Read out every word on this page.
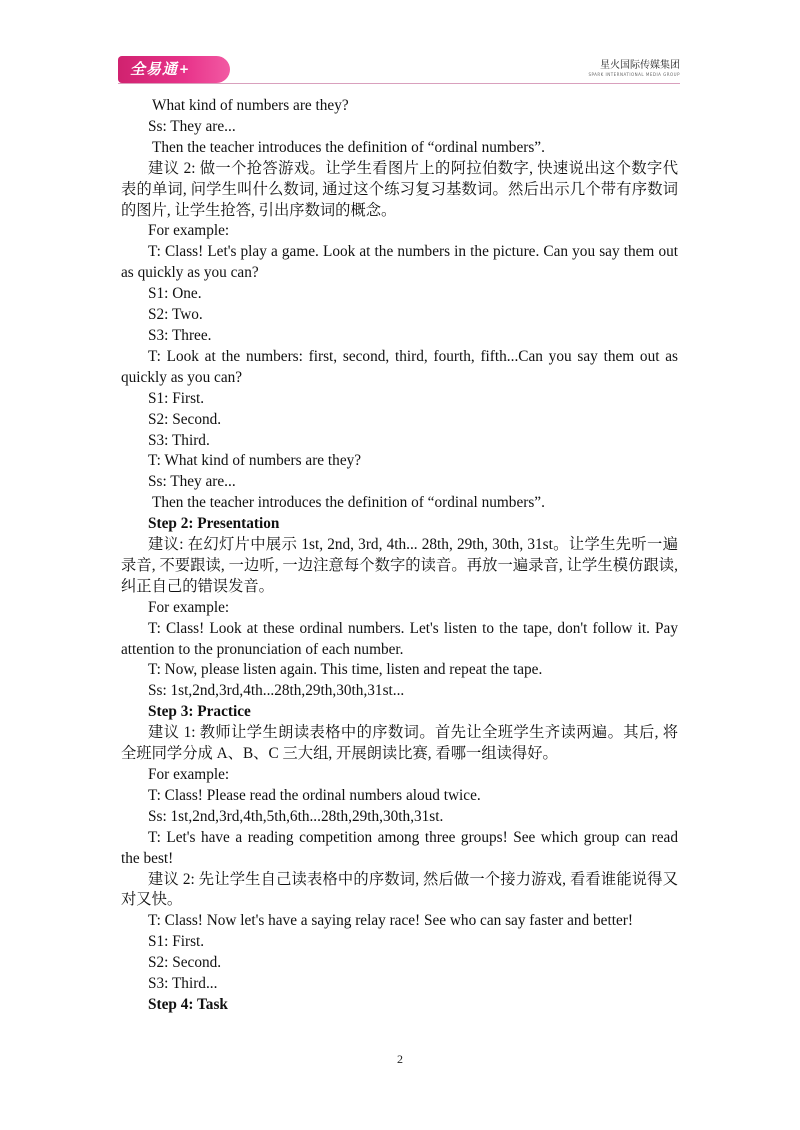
全易通+	星火国际传媒集团
SPARK INTERNATIONAL MEDIA GROUP

What kind of numbers are they?

Ss: They are...

Then the teacher introduces the definition of “ordinal numbers”.

建议 2: 做一个抢答游戏。让学生看图片上的阿拉伯数字, 快速说出这个数字代表的单词, 问学生叫什么数词, 通过这个练习复习基数词。然后出示几个带有序数词的图片, 让学生抢答, 引出序数词的概念。

For example:

T: Class! Let's play a game. Look at the numbers in the picture. Can you say them out as quickly as you can?

S1: One.

S2: Two.

S3: Three.

T: Look at the numbers: first, second, third, fourth, fifth...Can you say them out as quickly as you can?

S1: First.

S2: Second.

S3: Third.

T: What kind of numbers are they?

Ss: They are...

Then the teacher introduces the definition of “ordinal numbers”.

Step 2: Presentation

建议: 在幻灯片中展示 1st, 2nd, 3rd, 4th... 28th, 29th, 30th, 31st。让学生先听一遍录音, 不要跟读, 一边听, 一边注意每个数字的读音。再放一遍录音, 让学生模仿跟读, 纠正自己的错误发音。

For example:

T: Class! Look at these ordinal numbers. Let's listen to the tape, don't follow it. Pay attention to the pronunciation of each number.

T: Now, please listen again. This time, listen and repeat the tape.

Ss: 1st,2nd,3rd,4th...28th,29th,30th,31st...

Step 3: Practice

建议 1: 教师让学生朗读表格中的序数词。首先让全班学生齐读两遍。其后, 将全班同学分成 A、B、C 三大组, 开展朗读比赛, 看哪一组读得好。

For example:

T: Class! Please read the ordinal numbers aloud twice.

Ss: 1st,2nd,3rd,4th,5th,6th...28th,29th,30th,31st.

T: Let's have a reading competition among three groups! See which group can read the best!

建议 2: 先让学生自己读表格中的序数词, 然后做一个接力游戏, 看看谁能说得又对又快。

T: Class! Now let's have a saying relay race! See who can say faster and better!

S1: First.

S2: Second.

S3: Third...

Step 4: Task

2
